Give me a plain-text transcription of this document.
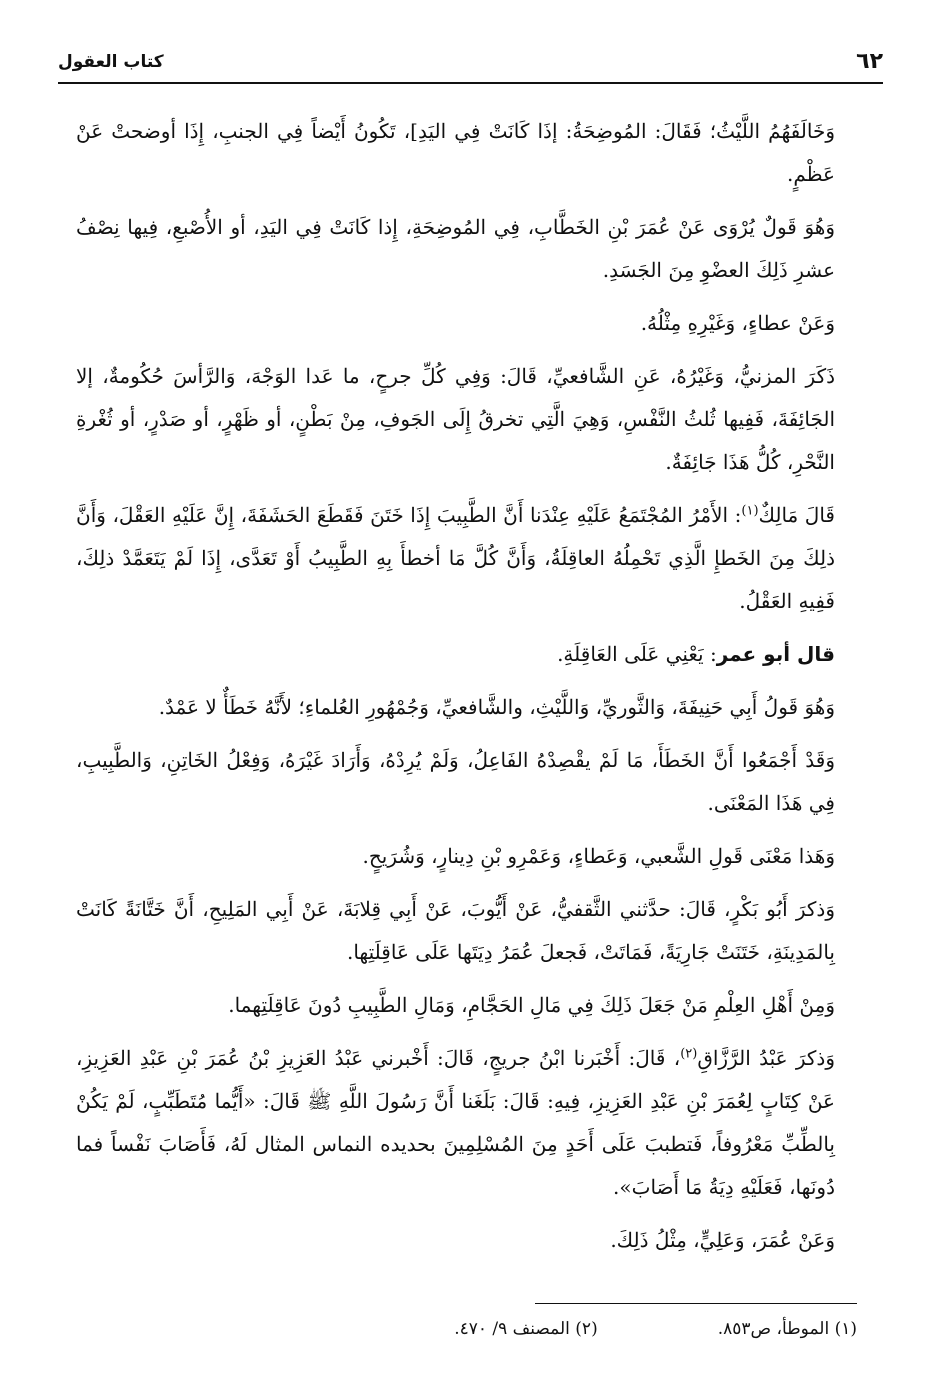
٦٢
كتاب العقول

وَخَالَفَهُمُ اللَّيْثُ؛ فَقَالَ: المُوضِحَةُ: إذَا كَانَتْ فِي اليَدِ]، تَكُونُ أَيْضاً فِي الجنبِ، إِذَا أوضحتْ عَنْ عَظْمٍ.

وَهُوَ قَولٌ يُرْوَى عَنْ عُمَرَ بْنِ الخَطَّابِ، فِي المُوضِحَةِ، إِذا كَانَتْ فِي اليَدِ، أو الأُصْبعِ، فِيها نِصْفُ عشرِ ذَلِكَ العضْوِ مِنَ الجَسَدِ.

وَعَنْ عطاءٍ، وَغَيْرِهِ مِثْلُهُ.

ذَكَرَ المزنيُّ، وَغَيْرُهُ، عَنِ الشَّافعيِّ، قَالَ: وَفِي كُلِّ جرحٍ، ما عَدا الوَجْهَ، وَالرَّأسَ حُكُومةٌ، إلا الجَائِفَةَ، فَفِيها ثُلثُ النَّفْسِ، وَهِيَ الَّتِي تخرقُ إِلَى الجَوفِ، مِنْ بَطْنٍ، أو ظَهْرٍ، أو صَدْرٍ، أو ثُغْرةِ النَّحْرِ، كُلُّ هَذَا جَائِفَةٌ.

قَالَ مَالِكٌ$^{(١)}$: الأَمْرُ المُجْتَمَعُ عَلَيْهِ عِنْدَنا أَنَّ الطَّبِيبَ إِذَا خَتَنَ فَقَطَعَ الحَشَفَةَ، إِنَّ عَلَيْهِ العَقْلَ، وَأَنَّ ذلِكَ مِنَ الخَطإِ الَّذِي تَحْمِلُهُ العاقِلَةُ، وَأَنَّ كُلَّ مَا أخطأَ بِهِ الطَّبِيبُ أَوْ تَعَدَّى، إِذَا لَمْ يَتَعَمَّدْ ذلِكَ، فَفِيهِ العَقْلُ.

قال أبو عمر: يَعْنِي عَلَى العَاقِلَةِ.

وَهُوَ قَولُ أَبِي حَنِيفَةَ، وَالثَّوريِّ، وَاللَّيْثِ، والشَّافعيِّ، وَجُمْهُورِ العُلماءِ؛ لأَنَّهُ خَطَأٌ لا عَمْدٌ.

وَقَدْ أَجْمَعُوا أَنَّ الخَطَأَ، مَا لَمْ يقْصِدْهُ الفَاعِلُ، وَلَمْ يُرِدْهُ، وَأَرَادَ غَيْرَهُ، وَفِعْلُ الخَاتِنِ، وَالطَّبِيبِ، فِي هَذَا المَعْنَى.

وَهَذا مَعْنَى قَولِ الشَّعبي، وَعَطاءٍ، وَعَمْرِو بْنِ دِينارٍ، وَشُرَيحٍ.

وَذكرَ أَبُو بَكْرٍ، قَالَ: حدَّثني الثَّقفيُّ، عَنْ أَيُّوبَ، عَنْ أَبِي قِلابَةَ، عَنْ أَبِي المَلِيحِ، أَنَّ خَتَّانَةً كَانَتْ بِالمَدِينَةِ، خَتَنَتْ جَارِيَةً، فَمَاتَتْ، فَجعلَ عُمَرُ دِيَتَها عَلَى عَاقِلَتِها.

وَمِنْ أَهْلِ العِلْمِ مَنْ جَعَلَ ذَلِكَ فِي مَالِ الحَجَّامِ، وَمَالِ الطَّبِيبِ دُونَ عَاقِلَتِهما.

وَذكرَ عَبْدُ الرَّزَّاقِ$^{(٢)}$، قَالَ: أَخْبَرنا ابْنُ جريجٍ، قَالَ: أَخْبرني عَبْدُ العَزِيزِ بْنُ عُمَرَ بْنِ عَبْدِ العَزِيزِ، عَنْ كِتَابٍ لِعُمَرَ بْنِ عَبْدِ العَزِيزِ، فِيهِ: قَالَ: بَلَغَنا أَنَّ رَسُولَ اللَّهِ ﷺ قَالَ: «أَيُّما مُتَطَبِّبٍ، لَمْ يَكُنْ بِالطِّبِّ مَعْرُوفاً، فَتطببَ عَلَى أَحَدٍ مِنَ المُسْلِمِينَ بحديده النماس المثال لَهُ، فَأَصَابَ نَفْساً فما دُونَها، فَعَلَيْهِ دِيَةُ مَا أَصَابَ».

وَعَنْ عُمَرَ، وَعَلِيٍّ، مِثْلُ ذَلِكَ.

(١) الموطأ، ص٨٥٣.
(٢) المصنف ٩/ ٤٧٠.
